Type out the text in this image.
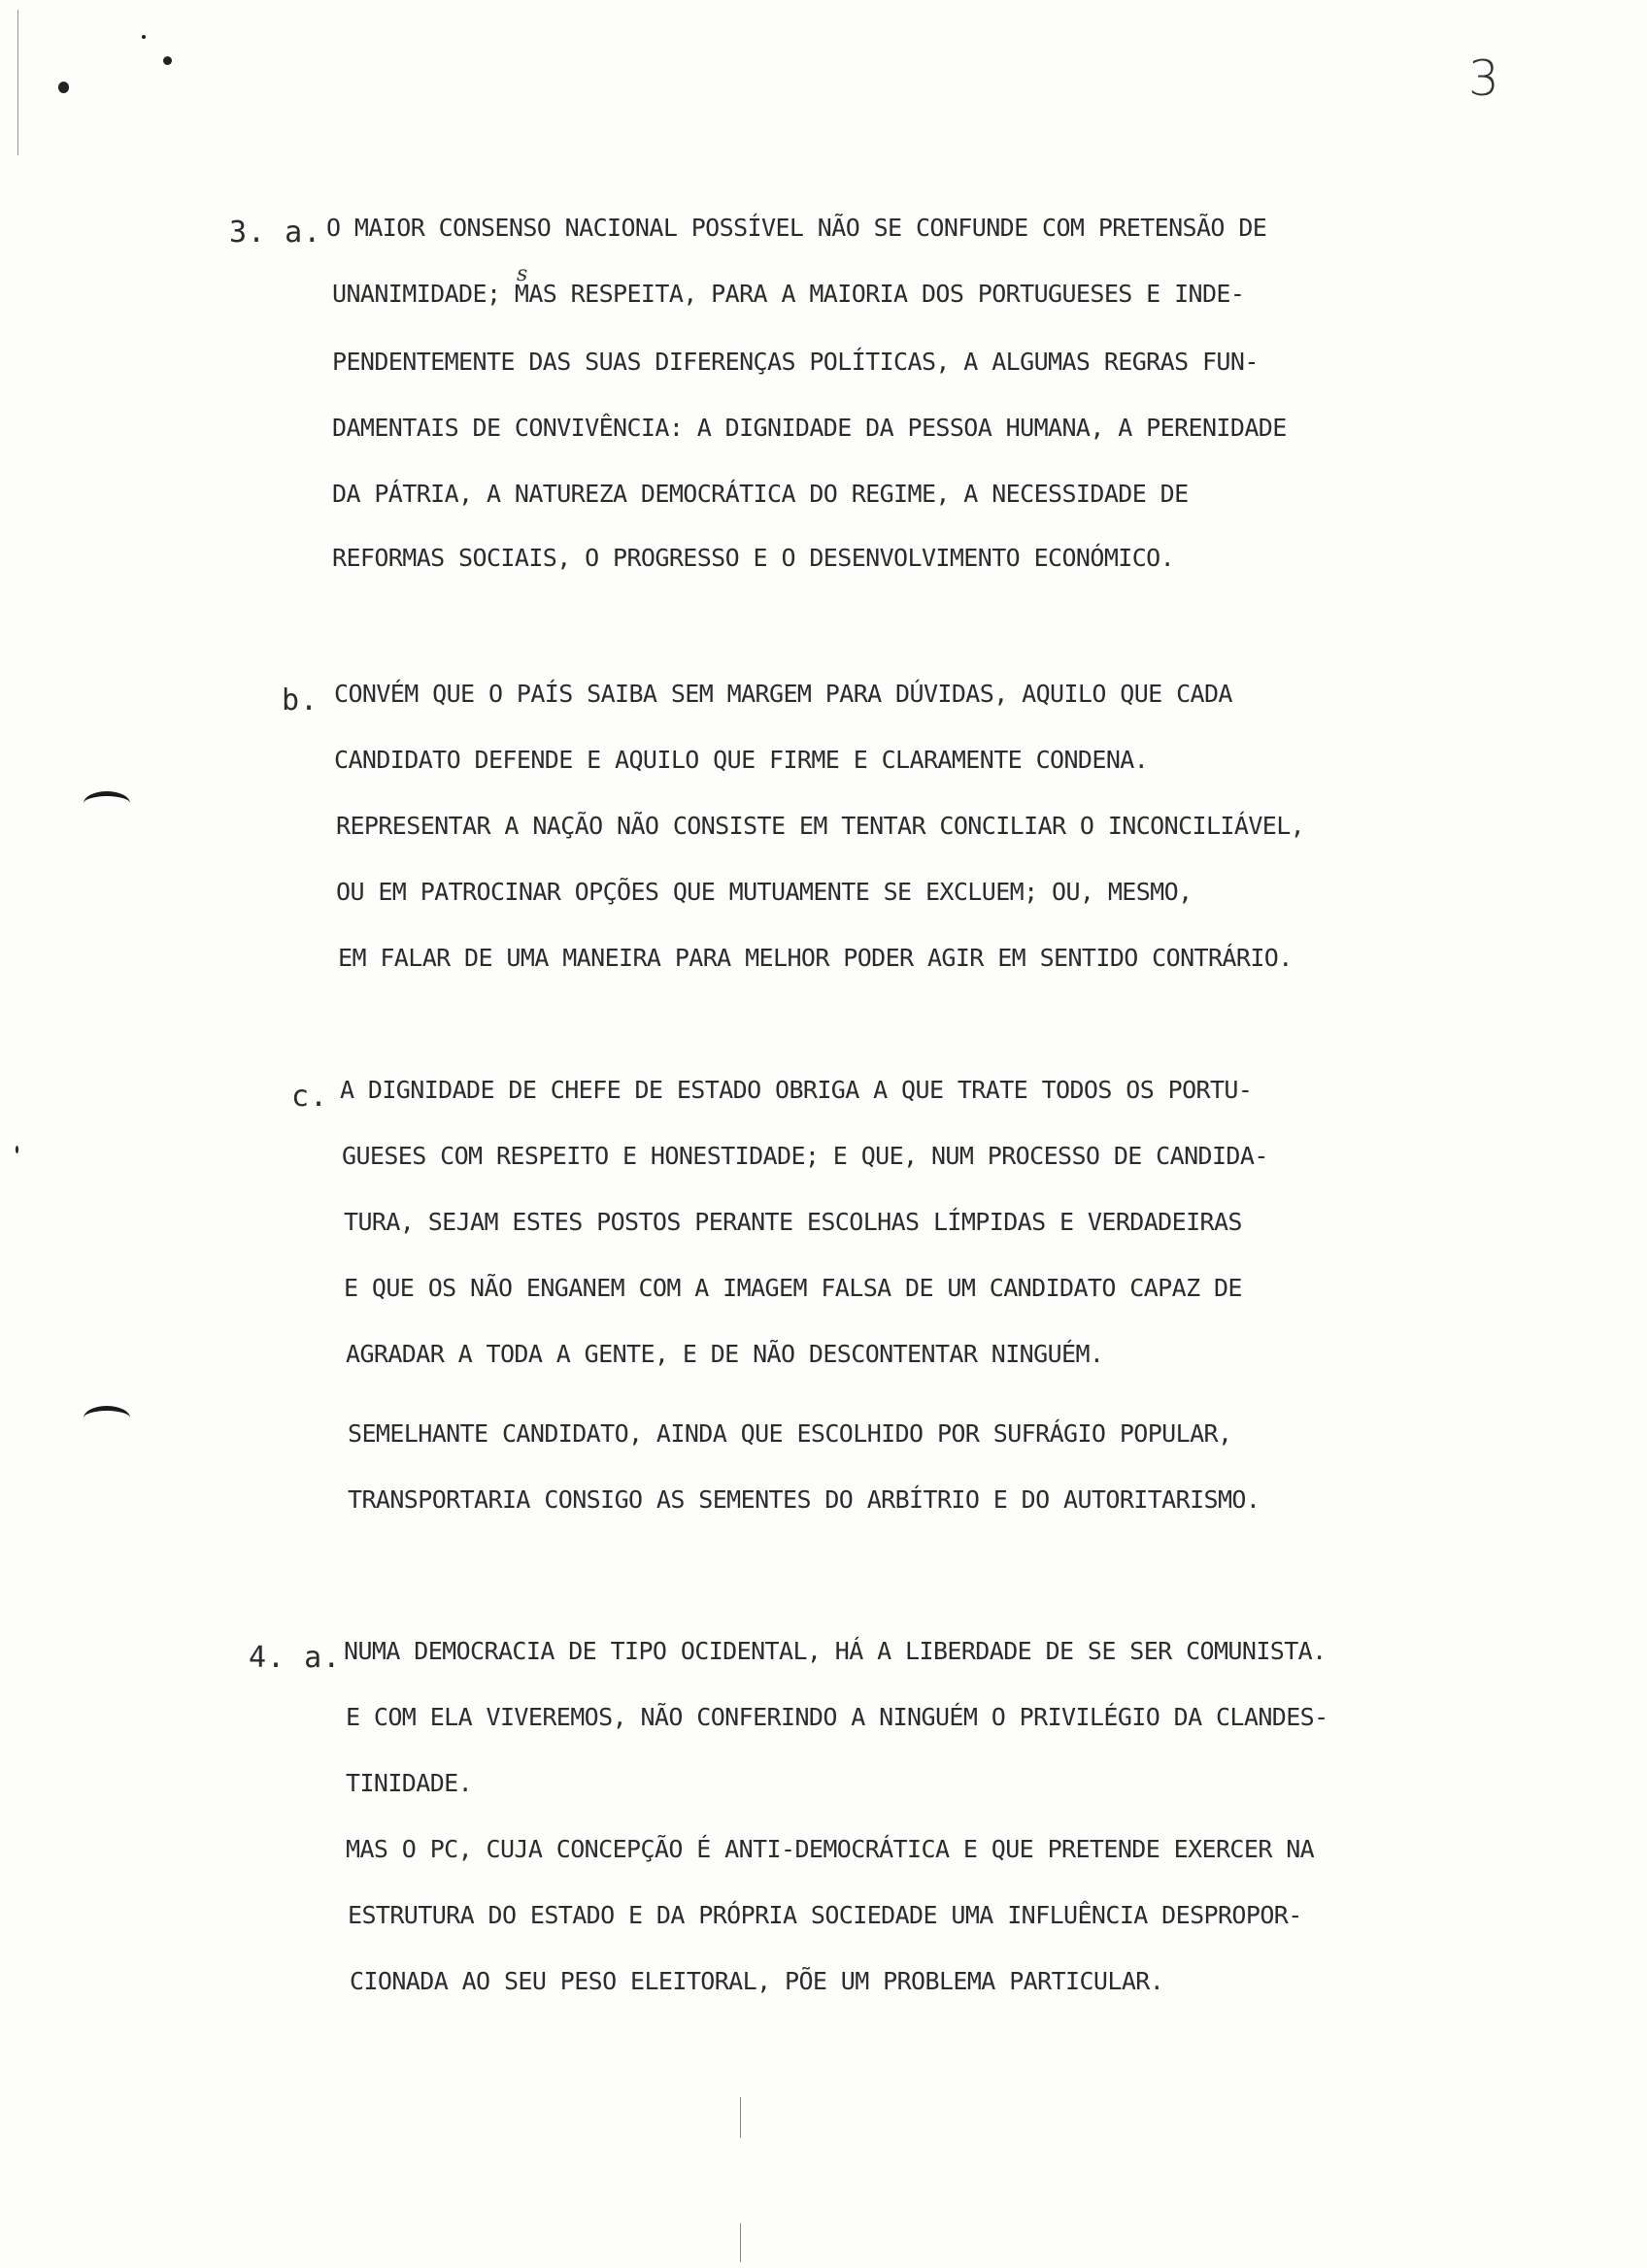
3
3. a. O MAIOR CONSENSO NACIONAL POSSÍVEL NÃO SE CONFUNDE COM PRETENSÃO DE
UNANIMIDADE; MAS RESPEITA, PARA A MAIORIA DOS PORTUGUESES E INDE-
s
PENDENTEMENTE DAS SUAS DIFERENÇAS POLÍTICAS, A ALGUMAS REGRAS FUN-
DAMENTAIS DE CONVIVÊNCIA: A DIGNIDADE DA PESSOA HUMANA, A PERENIDADE
DA PÁTRIA, A NATUREZA DEMOCRÁTICA DO REGIME, A NECESSIDADE DE
REFORMAS SOCIAIS, O PROGRESSO E O DESENVOLVIMENTO ECONÓMICO.
b. CONVÉM QUE O PAÍS SAIBA SEM MARGEM PARA DÚVIDAS, AQUILO QUE CADA
CANDIDATO DEFENDE E AQUILO QUE FIRME E CLARAMENTE CONDENA.
REPRESENTAR A NAÇÃO NÃO CONSISTE EM TENTAR CONCILIAR O INCONCILIÁVEL,
OU EM PATROCINAR OPÇÕES QUE MUTUAMENTE SE EXCLUEM; OU, MESMO,
EM FALAR DE UMA MANEIRA PARA MELHOR PODER AGIR EM SENTIDO CONTRÁRIO.
c. A DIGNIDADE DE CHEFE DE ESTADO OBRIGA A QUE TRATE TODOS OS PORTU-
GUESES COM RESPEITO E HONESTIDADE; E QUE, NUM PROCESSO DE CANDIDA-
TURA, SEJAM ESTES POSTOS PERANTE ESCOLHAS LÍMPIDAS E VERDADEIRAS
E QUE OS NÃO ENGANEM COM A IMAGEM FALSA DE UM CANDIDATO CAPAZ DE
AGRADAR A TODA A GENTE, E DE NÃO DESCONTENTAR NINGUÉM.
SEMELHANTE CANDIDATO, AINDA QUE ESCOLHIDO POR SUFRÁGIO POPULAR,
TRANSPORTARIA CONSIGO AS SEMENTES DO ARBÍTRIO E DO AUTORITARISMO.
4. a. NUMA DEMOCRACIA DE TIPO OCIDENTAL, HÁ A LIBERDADE DE SE SER COMUNISTA.
E COM ELA VIVEREMOS, NÃO CONFERINDO A NINGUÉM O PRIVILÉGIO DA CLANDES-
TINIDADE.
MAS O PC, CUJA CONCEPÇÃO É ANTI-DEMOCRÁTICA E QUE PRETENDE EXERCER NA
ESTRUTURA DO ESTADO E DA PRÓPRIA SOCIEDADE UMA INFLUÊNCIA DESPROPOR-
CIONADA AO SEU PESO ELEITORAL, PÕE UM PROBLEMA PARTICULAR.
